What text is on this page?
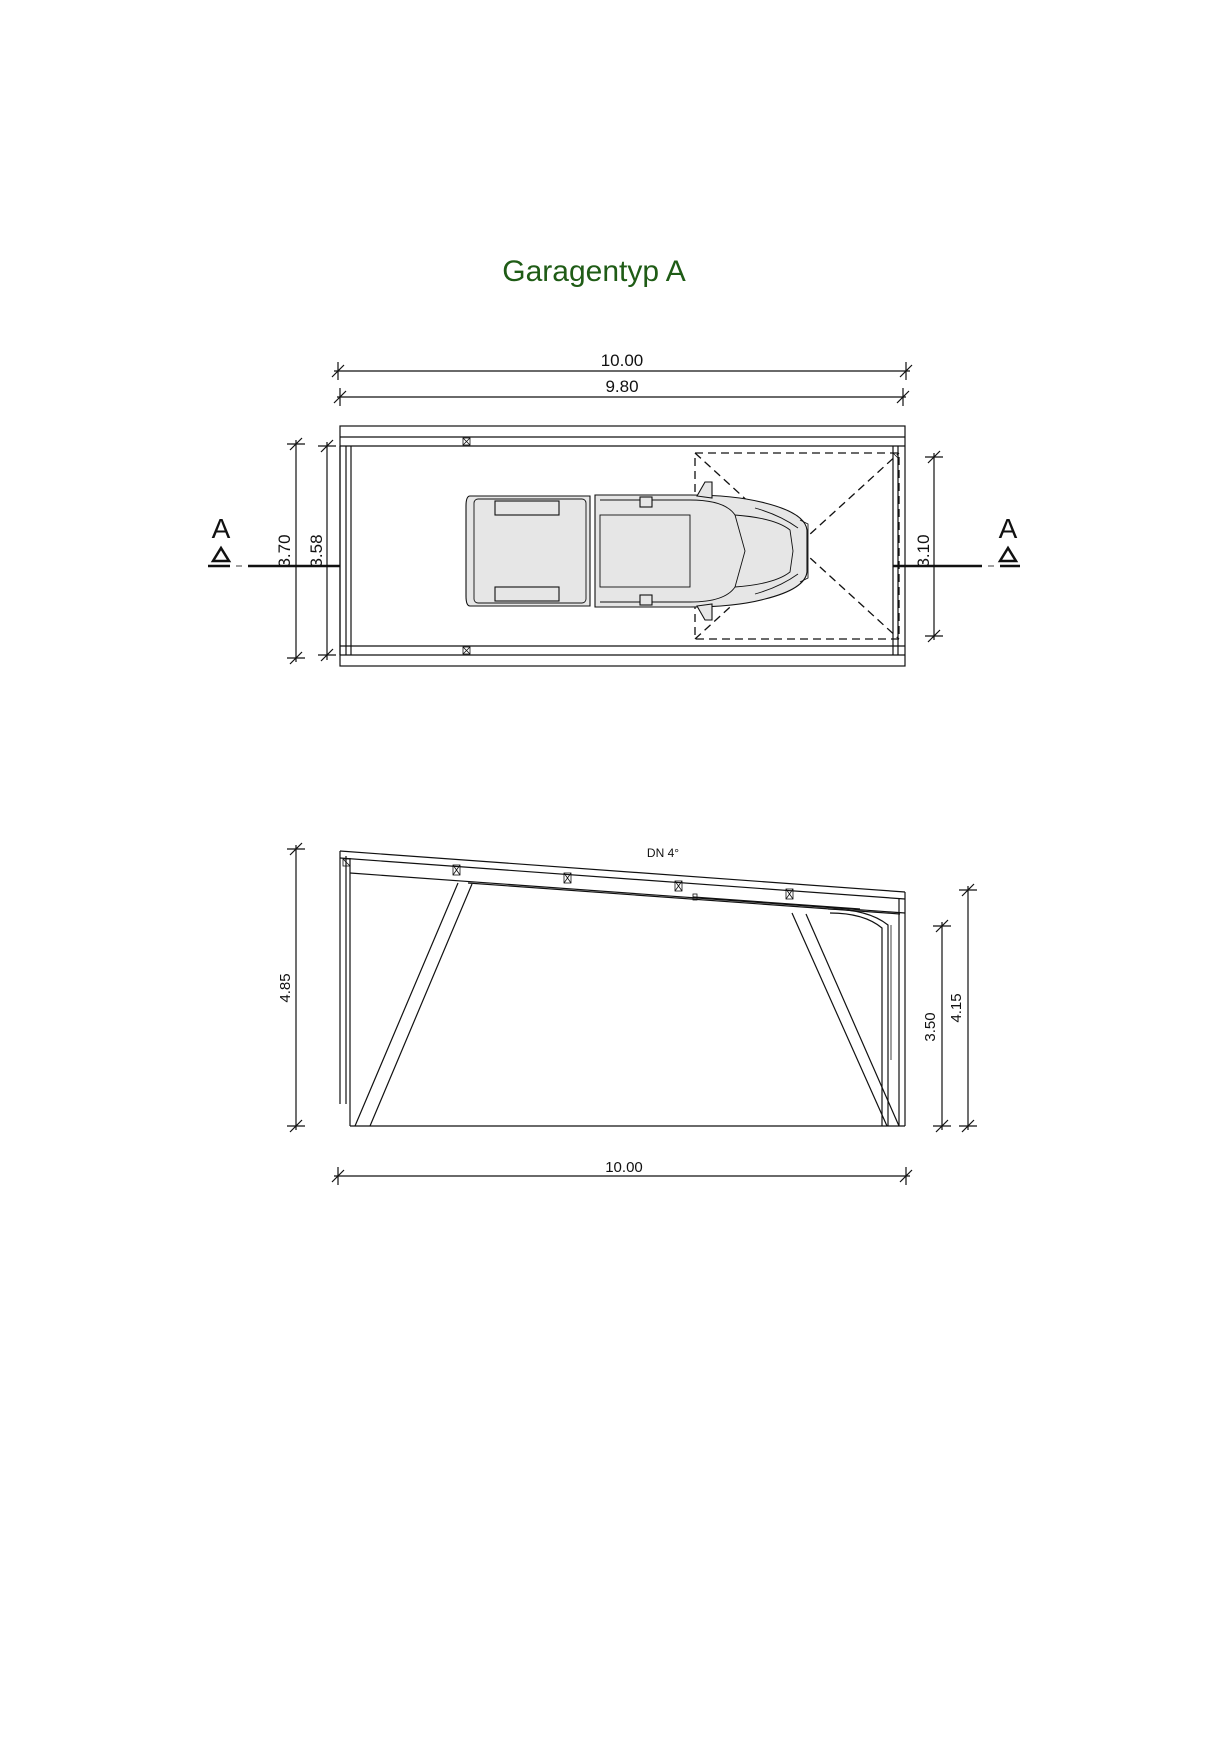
Garagentyp A
10.00
9.80
3.70 3.58	3.10
A	A
DN 4°
4.85
3.50
4.15
10.00
